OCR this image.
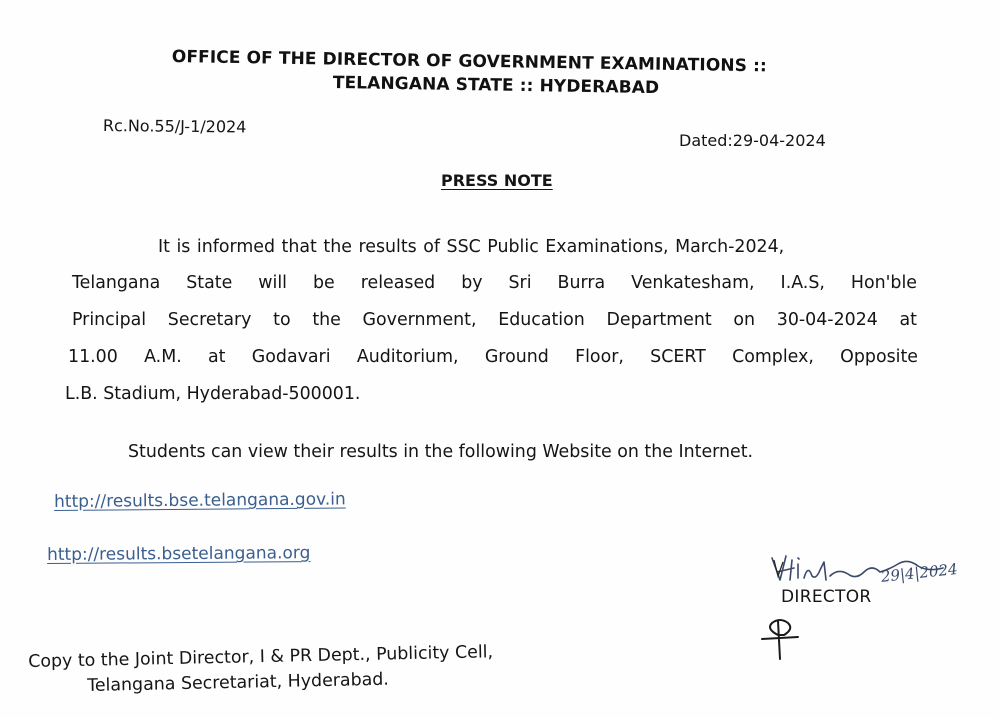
OFFICE OF THE DIRECTOR OF GOVERNMENT EXAMINATIONS ::
TELANGANA STATE :: HYDERABAD
Rc.No.55/J-1/2024
Dated:29-04-2024
PRESS NOTE
It is informed that the results of SSC Public Examinations, March-2024,
Telangana State will be released by Sri Burra Venkatesham, I.A.S, Hon'ble
Principal Secretary to the Government, Education Department on 30-04-2024 at
11.00 A.M. at Godavari Auditorium, Ground Floor, SCERT Complex, Opposite
L.B. Stadium, Hyderabad-500001.
Students can view their results in the following Website on the Internet.
http://results.bse.telangana.gov.in
http://results.bsetelangana.org
29|4|2024
DIRECTOR
Copy to the Joint Director, I & PR Dept., Publicity Cell,
Telangana Secretariat, Hyderabad.
